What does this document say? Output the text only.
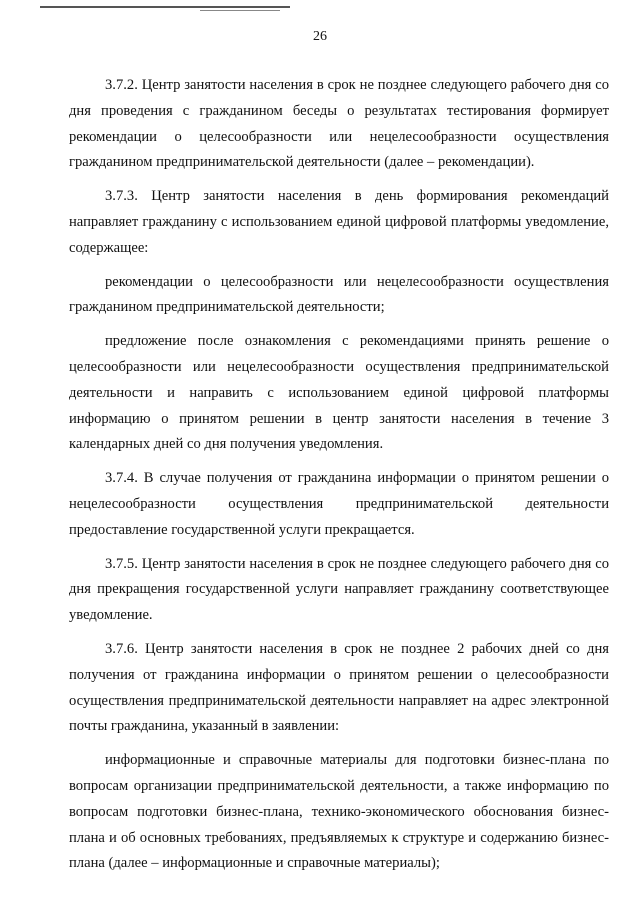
26

3.7.2. Центр занятости населения в срок не позднее следующего рабочего дня со дня проведения с гражданином беседы о результатах тестирования формирует рекомендации о целесообразности или нецелесообразности осуществления гражданином предпринимательской деятельности (далее – рекомендации).

3.7.3. Центр занятости населения в день формирования рекомендаций направляет гражданину с использованием единой цифровой платформы уведомление, содержащее:

рекомендации о целесообразности или нецелесообразности осуществления гражданином предпринимательской деятельности;

предложение после ознакомления с рекомендациями принять решение о целесообразности или нецелесообразности осуществления предпринимательской деятельности и направить с использованием единой цифровой платформы информацию о принятом решении в центр занятости населения в течение 3 календарных дней со дня получения уведомления.

3.7.4. В случае получения от гражданина информации о принятом решении о нецелесообразности осуществления предпринимательской деятельности предоставление государственной услуги прекращается.

3.7.5. Центр занятости населения в срок не позднее следующего рабочего дня со дня прекращения государственной услуги направляет гражданину соответствующее уведомление.

3.7.6. Центр занятости населения в срок не позднее 2 рабочих дней со дня получения от гражданина информации о принятом решении о целесообразности осуществления предпринимательской деятельности направляет на адрес электронной почты гражданина, указанный в заявлении:

информационные и справочные материалы для подготовки бизнес-плана по вопросам организации предпринимательской деятельности, а также информацию по вопросам подготовки бизнес-плана, технико-экономического обоснования бизнес-плана и об основных требованиях, предъявляемых к структуре и содержанию бизнес-плана (далее – информационные и справочные материалы);
